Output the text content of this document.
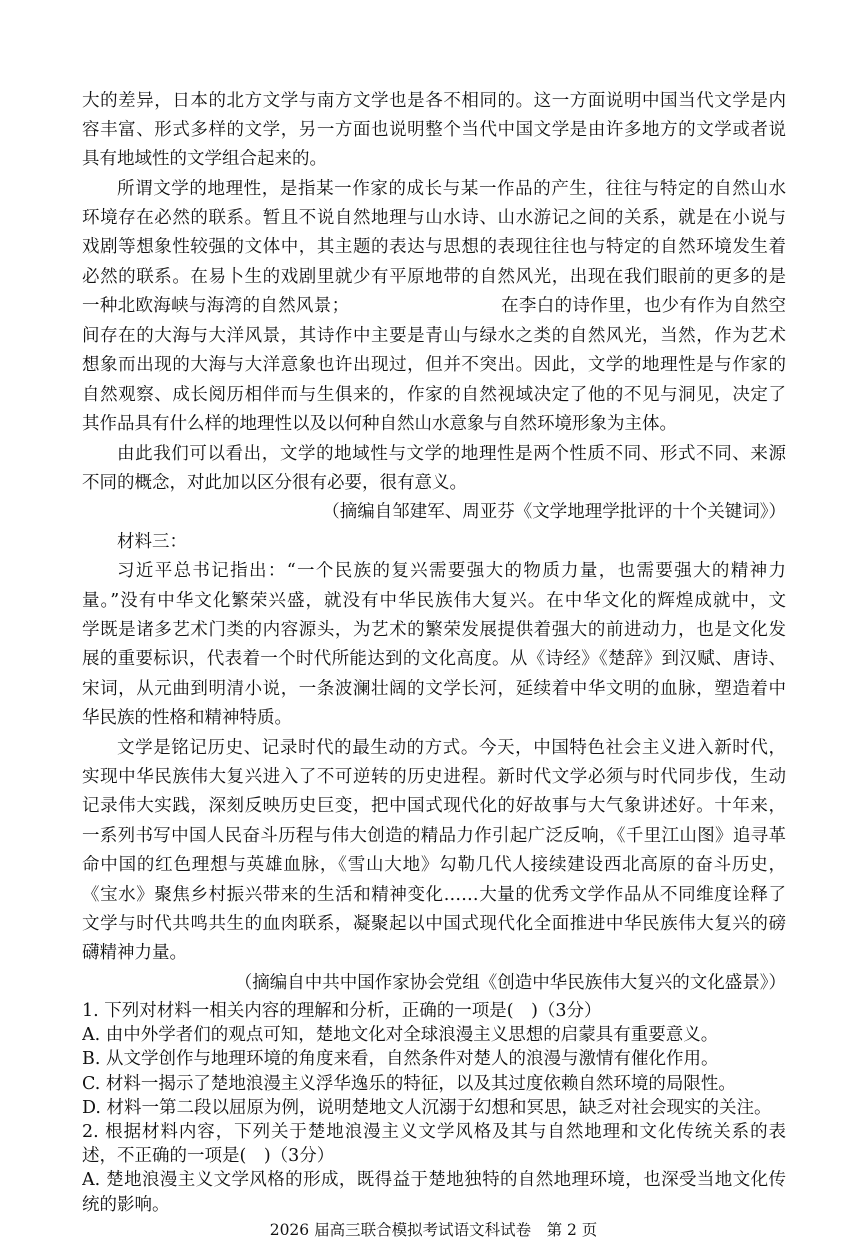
大的差异，日本的北方文学与南方文学也是各不相同的。这一方面说明中国当代文学是内
容丰富、形式多样的文学，另一方面也说明整个当代中国文学是由许多地方的文学或者说
具有地域性的文学组合起来的。
所谓文学的地理性，是指某一作家的成长与某一作品的产生，往往与特定的自然山水
环境存在必然的联系。暂且不说自然地理与山水诗、山水游记之间的关系，就是在小说与
戏剧等想象性较强的文体中，其主题的表达与思想的表现往往也与特定的自然环境发生着
必然的联系。在易卜生的戏剧里就少有平原地带的自然风光，出现在我们眼前的更多的是
一种北欧海峡与海湾的自然风景；　　　　　　　　　在李白的诗作里，也少有作为自然空
间存在的大海与大洋风景，其诗作中主要是青山与绿水之类的自然风光，当然，作为艺术
想象而出现的大海与大洋意象也许出现过，但并不突出。因此，文学的地理性是与作家的
自然观察、成长阅历相伴而与生俱来的，作家的自然视域决定了他的不见与洞见，决定了
其作品具有什么样的地理性以及以何种自然山水意象与自然环境形象为主体。
由此我们可以看出，文学的地域性与文学的地理性是两个性质不同、形式不同、来源
不同的概念，对此加以区分很有必要，很有意义。
（摘编自邹建军、周亚芬《文学地理学批评的十个关键词》）
材料三：
习近平总书记指出：“一个民族的复兴需要强大的物质力量，也需要强大的精神力
量。”没有中华文化繁荣兴盛，就没有中华民族伟大复兴。在中华文化的辉煌成就中，文
学既是诸多艺术门类的内容源头，为艺术的繁荣发展提供着强大的前进动力，也是文化发
展的重要标识，代表着一个时代所能达到的文化高度。从《诗经》《楚辞》到汉赋、唐诗、
宋词，从元曲到明清小说，一条波澜壮阔的文学长河，延续着中华文明的血脉，塑造着中
华民族的性格和精神特质。
文学是铭记历史、记录时代的最生动的方式。今天，中国特色社会主义进入新时代，
实现中华民族伟大复兴进入了不可逆转的历史进程。新时代文学必须与时代同步伐，生动
记录伟大实践，深刻反映历史巨变，把中国式现代化的好故事与大气象讲述好。十年来，
一系列书写中国人民奋斗历程与伟大创造的精品力作引起广泛反响，《千里江山图》追寻革
命中国的红色理想与英雄血脉，《雪山大地》勾勒几代人接续建设西北高原的奋斗历史，
《宝水》聚焦乡村振兴带来的生活和精神变化……大量的优秀文学作品从不同维度诠释了
文学与时代共鸣共生的血肉联系，凝聚起以中国式现代化全面推进中华民族伟大复兴的磅
礴精神力量。
（摘编自中共中国作家协会党组《创造中华民族伟大复兴的文化盛景》）
1. 下列对材料一相关内容的理解和分析，正确的一项是(　)（3分）
A. 由中外学者们的观点可知，楚地文化对全球浪漫主义思想的启蒙具有重要意义。
B. 从文学创作与地理环境的角度来看，自然条件对楚人的浪漫与激情有催化作用。
C. 材料一揭示了楚地浪漫主义浮华逸乐的特征，以及其过度依赖自然环境的局限性。
D. 材料一第二段以屈原为例，说明楚地文人沉溺于幻想和冥思，缺乏对社会现实的关注。
2. 根据材料内容，下列关于楚地浪漫主义文学风格及其与自然地理和文化传统关系的表
述，不正确的一项是(　)（3分）
A. 楚地浪漫主义文学风格的形成，既得益于楚地独特的自然地理环境，也深受当地文化传
统的影响。
2026 届高三联合模拟考试语文科试卷　第 2 页
